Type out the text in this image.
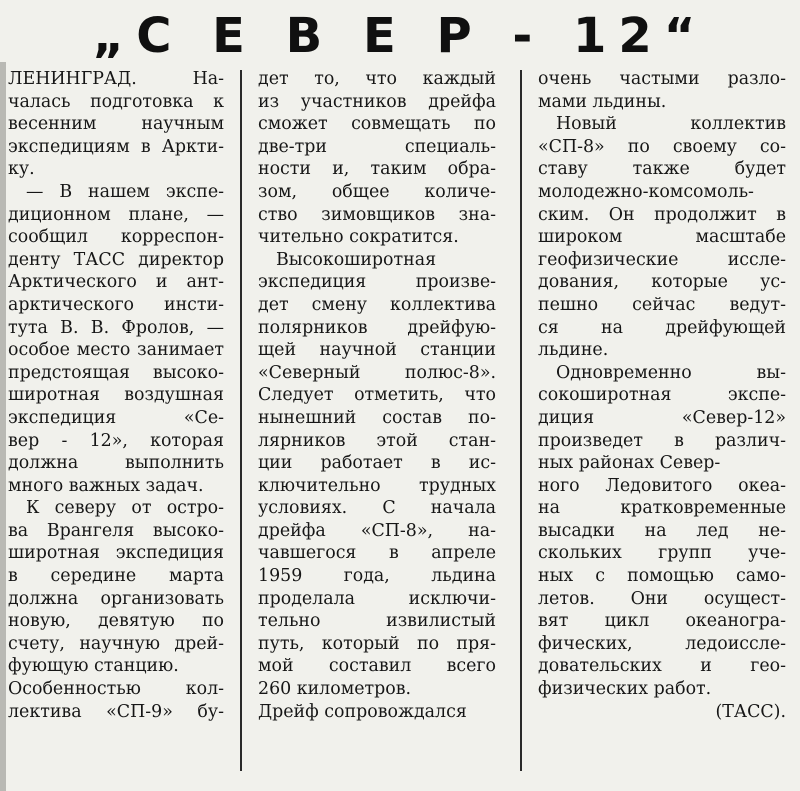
„С Е В Е Р - 12“
ЛЕНИНГРАД. На-
чалась подготовка к
весенним научным
экспедициям в Аркти-
ку.
— В нашем экспе-
диционном плане, —
сообщил корреспон-
денту ТАСС директор
Арктического и ант-
арктического инсти-
тута В. В. Фролов, —
особое место занимает
предстоящая высоко-
широтная воздушная
экспедиция «Се-
вер - 12», которая
должна выполнить
много важных задач.
К северу от остро-
ва Врангеля высоко-
широтная экспедиция
в середине марта
должна организовать
новую, девятую по
счету, научную дрей-
фующую станцию.
Особенностью кол-
лектива «СП-9» бу-
дет то, что каждый
из участников дрейфа
сможет совмещать по
две-три специаль-
ности и, таким обра-
зом, общее количе-
ство зимовщиков зна-
чительно сократится.
Высокоширотная
экспедиция произве-
дет смену коллектива
полярников дрейфую-
щей научной станции
«Северный полюс-8».
Следует отметить, что
нынешний состав по-
лярников этой стан-
ции работает в ис-
ключительно трудных
условиях. С начала
дрейфа «СП-8», на-
чавшегося в апреле
1959 года, льдина
проделала исключи-
тельно извилистый
путь, который по пря-
мой составил всего
260 километров.
Дрейф сопровождался
очень частыми разло-
мами льдины.
Новый коллектив
«СП-8» по своему со-
ставу также будет
молодежно-комсомоль-
ским. Он продолжит в
широком масштабе
геофизические иссле-
дования, которые ус-
пешно сейчас ведут-
ся на дрейфующей
льдине.
Одновременно вы-
сокоширотная экспе-
диция «Север-12»
произведет в различ-
ных районах Север-
ного Ледовитого океа-
на кратковременные
высадки на лед не-
скольких групп уче-
ных с помощью само-
летов. Они осущест-
вят цикл океаногра-
фических, ледоиссле-
довательских и гео-
физических работ.
(ТАСС).
